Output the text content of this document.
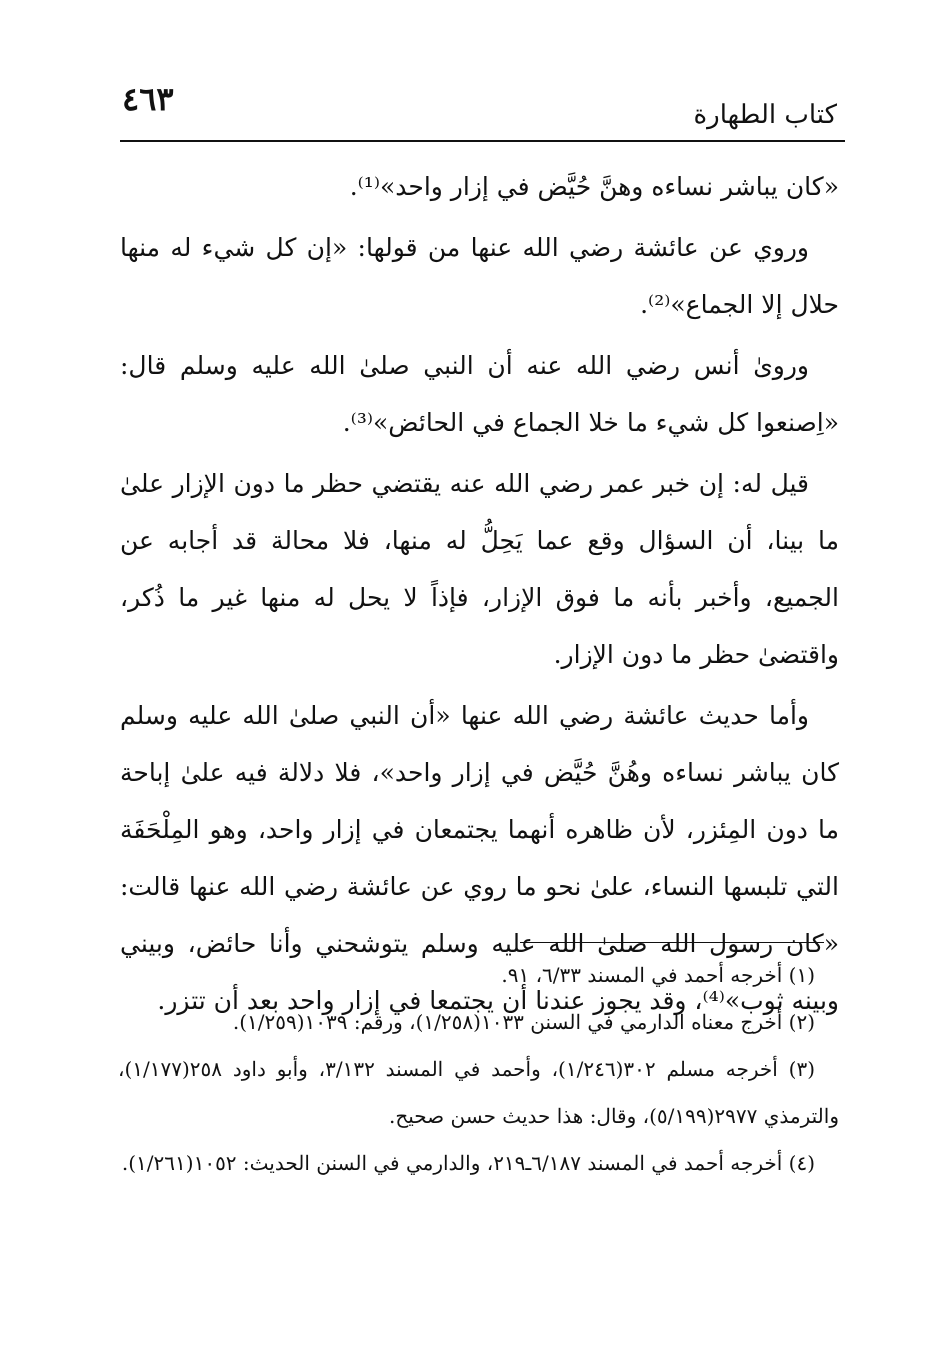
كتاب الطهارة
٤٦٣

«كان يباشر نساءه وهنَّ حُيَّض في إزار واحد»⁽¹⁾.

وروي عن عائشة رضي الله عنها من قولها: «إن كل شيء له منها حلال إلا الجماع»⁽²⁾.

ورویٰ أنس رضي الله عنه أن النبي صلىٰ الله عليه وسلم قال: «اِصنعوا كل شيء ما خلا الجماع في الحائض»⁽³⁾.

قيل له: إن خبر عمر رضي الله عنه يقتضي حظر ما دون الإزار علىٰ ما بينا، أن السؤال وقع عما يَحِلُّ له منها، فلا محالة قد أجابه عن الجميع، وأخبر بأنه ما فوق الإزار، فإذاً لا يحل له منها غير ما ذُكر، واقتضىٰ حظر ما دون الإزار.

وأما حديث عائشة رضي الله عنها «أن النبي صلىٰ الله عليه وسلم كان يباشر نساءه وهُنَّ حُيَّض في إزار واحد»، فلا دلالة فيه علىٰ إباحة ما دون المِئزر، لأن ظاهره أنهما يجتمعان في إزار واحد، وهو المِلْحَفَة التي تلبسها النساء، علىٰ نحو ما روي عن عائشة رضي الله عنها قالت: «كان رسول الله صلىٰ الله عليه وسلم يتوشحني وأنا حائض، وبيني وبينه ثوب»⁽⁴⁾، وقد يجوز عندنا أن يجتمعا في إزار واحد بعد أن تتزر.

(١) أخرجه أحمد في المسند ٦/٣٣، ٩١.

(٢) أخرج معناه الدارمي في السنن ١٠٣٣(١/٢٥٨)، ورقم: ١٠٣٩(١/٢٥٩).

(٣) أخرجه مسلم ٣٠٢(١/٢٤٦)، وأحمد في المسند ٣/١٣٢، وأبو داود ٢٥٨(١/١٧٧)، والترمذي ٢٩٧٧(٥/١٩٩)، وقال: هذا حديث حسن صحيح.

(٤) أخرجه أحمد في المسند ٦/١٨٧ـ٢١٩، والدارمي في السنن الحديث: ١٠٥٢(١/٢٦١).
